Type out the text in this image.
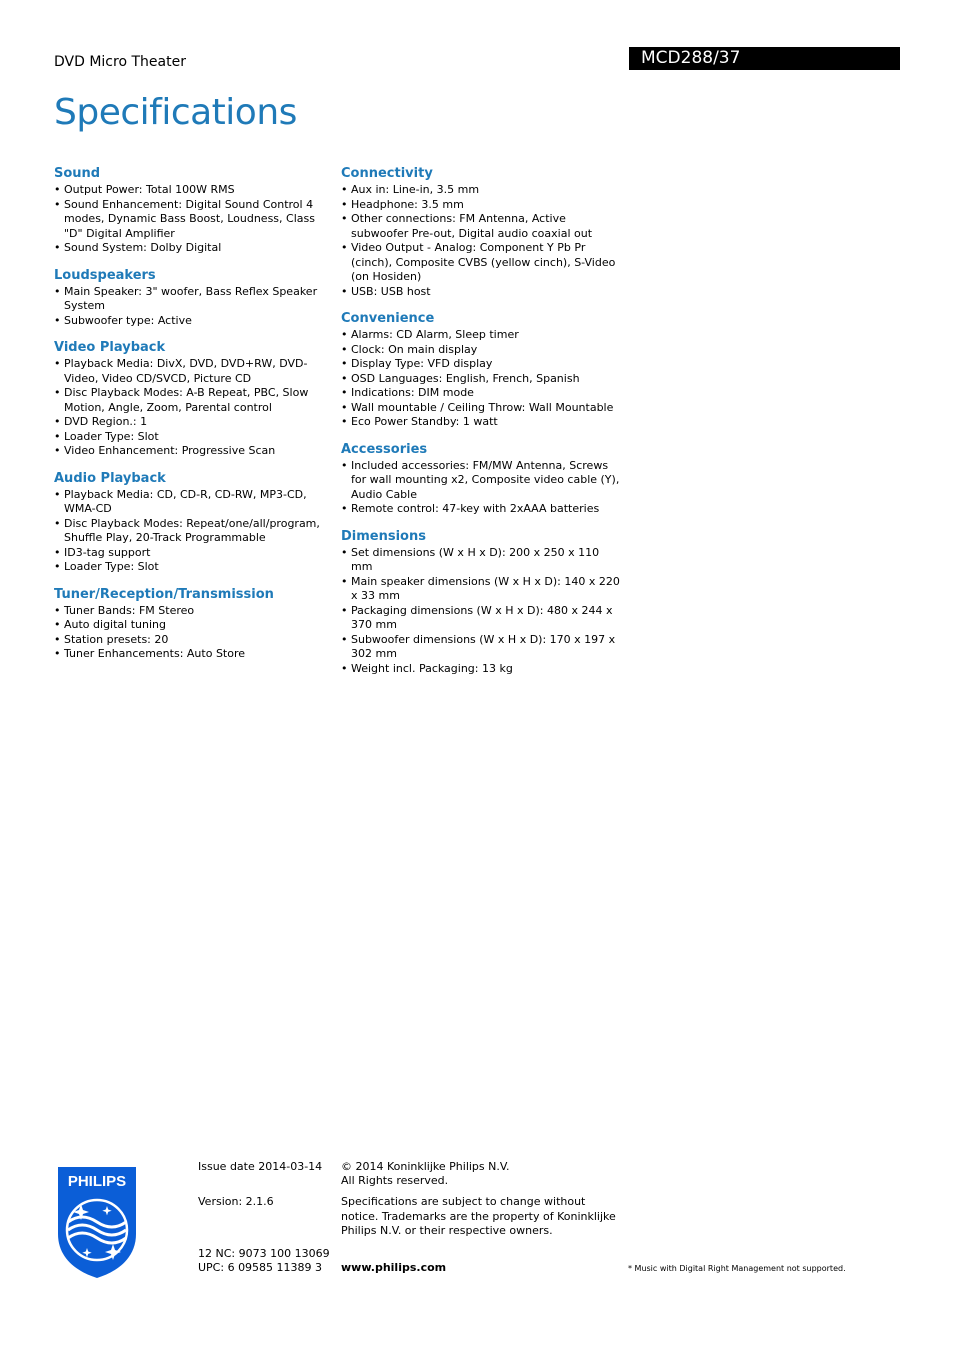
DVD Micro Theater	MCD288/37
Specifications
Sound
• Output Power: Total 100W RMS
• Sound Enhancement: Digital Sound Control 4 modes, Dynamic Bass Boost, Loudness, Class "D" Digital Amplifier
• Sound System: Dolby Digital
Loudspeakers
• Main Speaker: 3" woofer, Bass Reflex Speaker System
• Subwoofer type: Active
Video Playback
• Playback Media: DivX, DVD, DVD+RW, DVD-Video, Video CD/SVCD, Picture CD
• Disc Playback Modes: A-B Repeat, PBC, Slow Motion, Angle, Zoom, Parental control
• DVD Region.: 1
• Loader Type: Slot
• Video Enhancement: Progressive Scan
Audio Playback
• Playback Media: CD, CD-R, CD-RW, MP3-CD, WMA-CD
• Disc Playback Modes: Repeat/one/all/program, Shuffle Play, 20-Track Programmable
• ID3-tag support
• Loader Type: Slot
Tuner/Reception/Transmission
• Tuner Bands: FM Stereo
• Auto digital tuning
• Station presets: 20
• Tuner Enhancements: Auto Store
Connectivity
• Aux in: Line-in, 3.5 mm
• Headphone: 3.5 mm
• Other connections: FM Antenna, Active subwoofer Pre-out, Digital audio coaxial out
• Video Output - Analog: Component Y Pb Pr (cinch), Composite CVBS (yellow cinch), S-Video (on Hosiden)
• USB: USB host
Convenience
• Alarms: CD Alarm, Sleep timer
• Clock: On main display
• Display Type: VFD display
• OSD Languages: English, French, Spanish
• Indications: DIM mode
• Wall mountable / Ceiling Throw: Wall Mountable
• Eco Power Standby: 1 watt
Accessories
• Included accessories: FM/MW Antenna, Screws for wall mounting x2, Composite video cable (Y), Audio Cable
• Remote control: 47-key with 2xAAA batteries
Dimensions
• Set dimensions (W x H x D): 200 x 250 x 110 mm
• Main speaker dimensions (W x H x D): 140 x 220 x 33 mm
• Packaging dimensions (W x H x D): 480 x 244 x 370 mm
• Subwoofer dimensions (W x H x D): 170 x 197 x 302 mm
• Weight incl. Packaging: 13 kg
PHILIPS
Issue date 2014-03-14
Version: 2.1.6
12 NC: 9073 100 13069
UPC: 6 09585 11389 3
© 2014 Koninklijke Philips N.V.
All Rights reserved.
Specifications are subject to change without notice. Trademarks are the property of Koninklijke Philips N.V. or their respective owners.
www.philips.com	* Music with Digital Right Management not supported.
